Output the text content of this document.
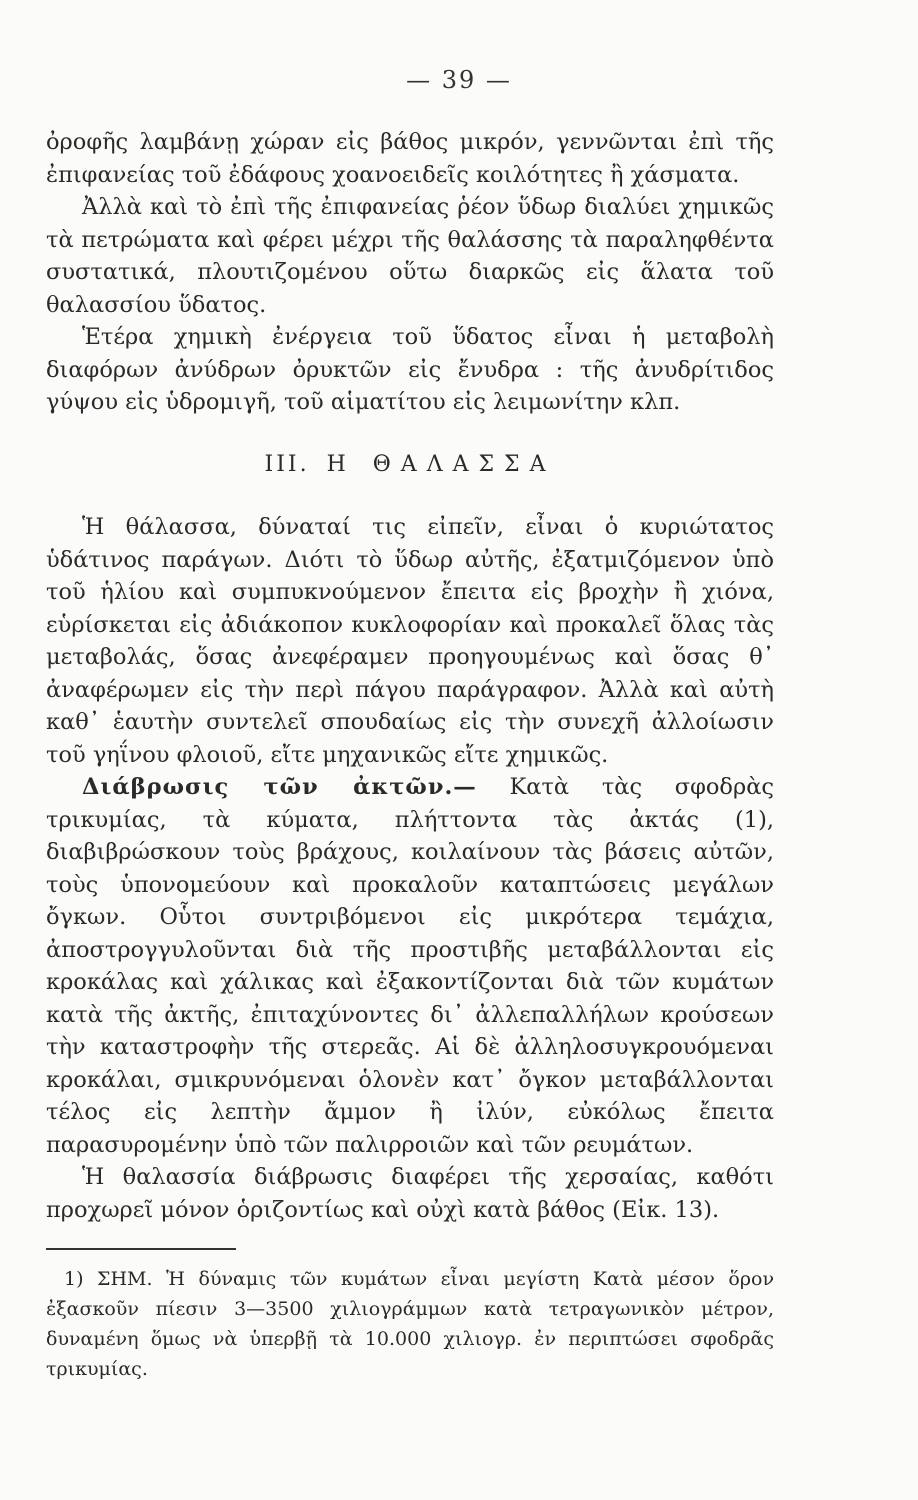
— 39 —

ὀροφῆς λαμβάνῃ χώραν εἰς βάθος μικρόν, γεννῶνται ἐπὶ τῆς ἐπιφανείας τοῦ ἐδάφους χοανοειδεῖς κοιλότητες ἢ χάσματα.

Ἀλλὰ καὶ τὸ ἐπὶ τῆς ἐπιφανείας ῥέον ὕδωρ διαλύει χημικῶς τὰ πετρώματα καὶ φέρει μέχρι τῆς θαλάσσης τὰ παραληφθέντα συστατικά, πλουτιζομένου οὕτω διαρκῶς εἰς ἅλατα τοῦ θαλασσίου ὕδατος.

Ἑτέρα χημικὴ ἐνέργεια τοῦ ὕδατος εἶναι ἡ μεταβολὴ διαφόρων ἀνύδρων ὀρυκτῶν εἰς ἔνυδρα : τῆς ἀνυδρίτιδος γύψου εἰς ὑδρομιγῆ, τοῦ αἱματίτου εἰς λειμωνίτην κλπ.

ΙΙΙ. Η ΘΑΛΑΣΣΑ

Ἡ θάλασσα, δύναταί τις εἰπεῖν, εἶναι ὁ κυριώτατος ὑδάτινος παράγων. Διότι τὸ ὕδωρ αὐτῆς, ἐξατμιζόμενον ὑπὸ τοῦ ἡλίου καὶ συμπυκνούμενον ἔπειτα εἰς βροχὴν ἢ χιόνα, εὑρίσκεται εἰς ἀδιάκοπον κυκλοφορίαν καὶ προκαλεῖ ὅλας τὰς μεταβολάς, ὅσας ἀνεφέραμεν προηγουμένως καὶ ὅσας θ᾽ ἀναφέρωμεν εἰς τὴν περὶ πάγου παράγραφον. Ἀλλὰ καὶ αὐτὴ καθ᾽ ἑαυτὴν συντελεῖ σπουδαίως εἰς τὴν συνεχῆ ἀλλοίωσιν τοῦ γηΐνου φλοιοῦ, εἴτε μηχανικῶς εἴτε χημικῶς.

Διάβρωσις τῶν ἀκτῶν.— Κατὰ τὰς σφοδρὰς τρικυμίας, τὰ κύματα, πλήττοντα τὰς ἀκτάς (1), διαβιβρώσκουν τοὺς βράχους, κοιλαίνουν τὰς βάσεις αὐτῶν, τοὺς ὑπονομεύουν καὶ προκαλοῦν καταπτώσεις μεγάλων ὄγκων. Οὗτοι συντριβόμενοι εἰς μικρότερα τεμάχια, ἀποστρογγυλοῦνται διὰ τῆς προστιβῆς μεταβάλλονται εἰς κροκάλας καὶ χάλικας καὶ ἐξακοντίζονται διὰ τῶν κυμάτων κατὰ τῆς ἀκτῆς, ἐπιταχύνοντες δι᾽ ἀλλεπαλλήλων κρούσεων τὴν καταστροφὴν τῆς στερεᾶς. Αἱ δὲ ἀλληλοσυγκρουόμεναι κροκάλαι, σμικρυνόμεναι ὁλονὲν κατ᾽ ὄγκον μεταβάλλονται τέλος εἰς λεπτὴν ἄμμον ἢ ἰλύν, εὐκόλως ἔπειτα παρασυρομένην ὑπὸ τῶν παλιρροιῶν καὶ τῶν ρευμάτων.

Ἡ θαλασσία διάβρωσις διαφέρει τῆς χερσαίας, καθότι προχωρεῖ μόνον ὁριζοντίως καὶ οὐχὶ κατὰ βάθος (Εἰκ. 13).

1) ΣΗΜ. Ἡ δύναμις τῶν κυμάτων εἶναι μεγίστη Κατὰ μέσον ὅρον ἐξασκοῦν πίεσιν 3—3500 χιλιογράμμων κατὰ τετραγωνικὸν μέτρον, δυναμένη ὅμως νὰ ὑπερβῇ τὰ 10.000 χιλιογρ. ἐν περιπτώσει σφοδρᾶς τρικυμίας.
